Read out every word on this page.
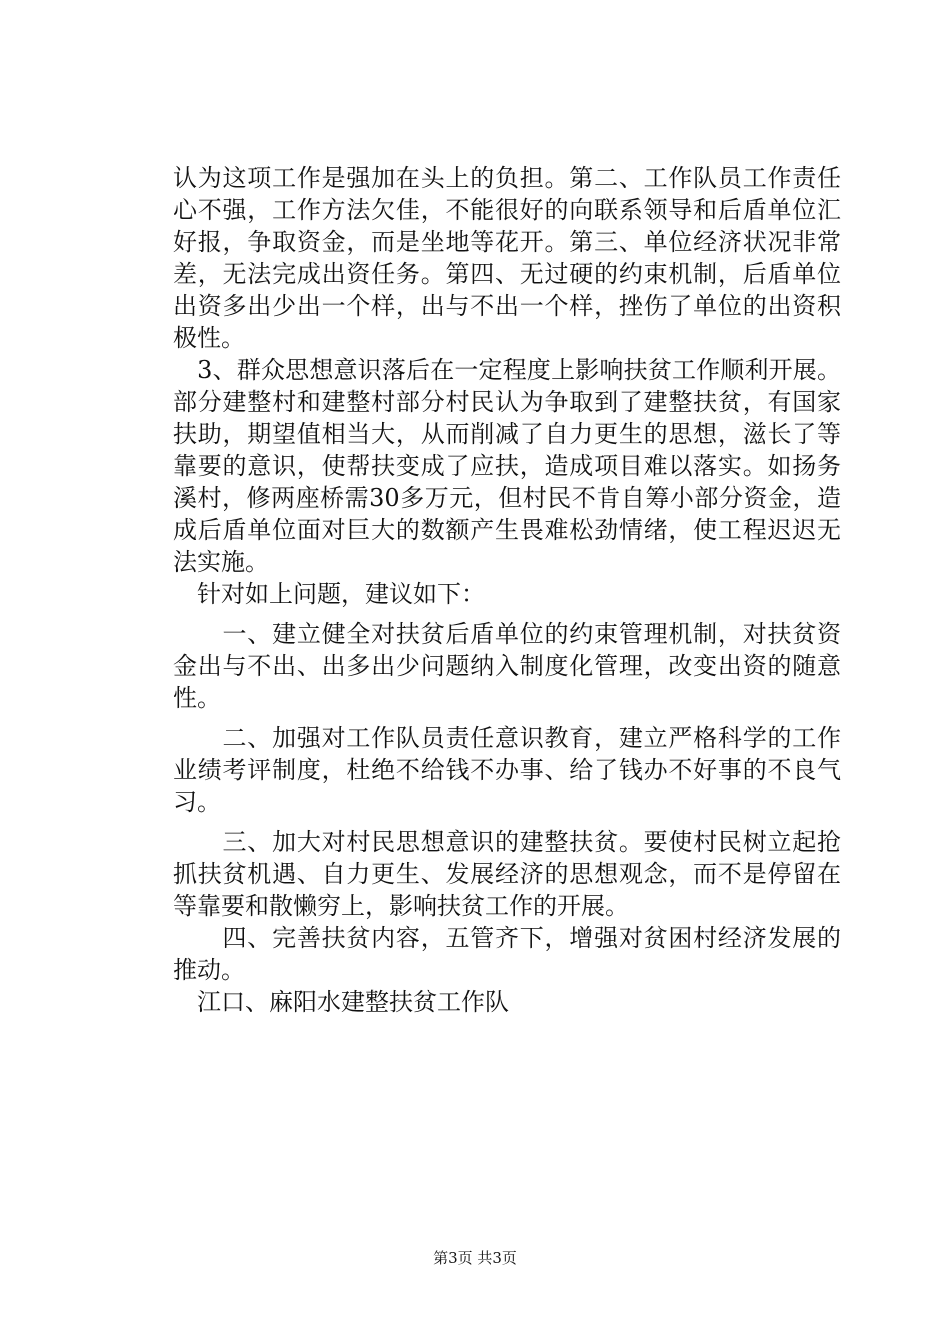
认为这项工作是强加在头上的负担。第二、工作队员工作责任
心不强，工作方法欠佳，不能很好的向联系领导和后盾单位汇
好报，争取资金，而是坐地等花开。第三、单位经济状况非常
差，无法完成出资任务。第四、无过硬的约束机制，后盾单位
出资多出少出一个样，出与不出一个样，挫伤了单位的出资积
极性。
　3、群众思想意识落后在一定程度上影响扶贫工作顺利开展。
部分建整村和建整村部分村民认为争取到了建整扶贫，有国家
扶助，期望值相当大，从而削减了自力更生的思想，滋长了等
靠要的意识，使帮扶变成了应扶，造成项目难以落实。如扬务
溪村，修两座桥需30多万元，但村民不肯自筹小部分资金，造
成后盾单位面对巨大的数额产生畏难松劲情绪，使工程迟迟无
法实施。
　针对如上问题，建议如下：
　　一、建立健全对扶贫后盾单位的约束管理机制，对扶贫资
金出与不出、出多出少问题纳入制度化管理，改变出资的随意
性。
　　二、加强对工作队员责任意识教育，建立严格科学的工作
业绩考评制度，杜绝不给钱不办事、给了钱办不好事的不良气
习。
　　三、加大对村民思想意识的建整扶贫。要使村民树立起抢
抓扶贫机遇、自力更生、发展经济的思想观念，而不是停留在
等靠要和散懒穷上，影响扶贫工作的开展。
　　四、完善扶贫内容，五管齐下，增强对贫困村经济发展的
推动。
　江口、麻阳水建整扶贫工作队
第3页 共3页
